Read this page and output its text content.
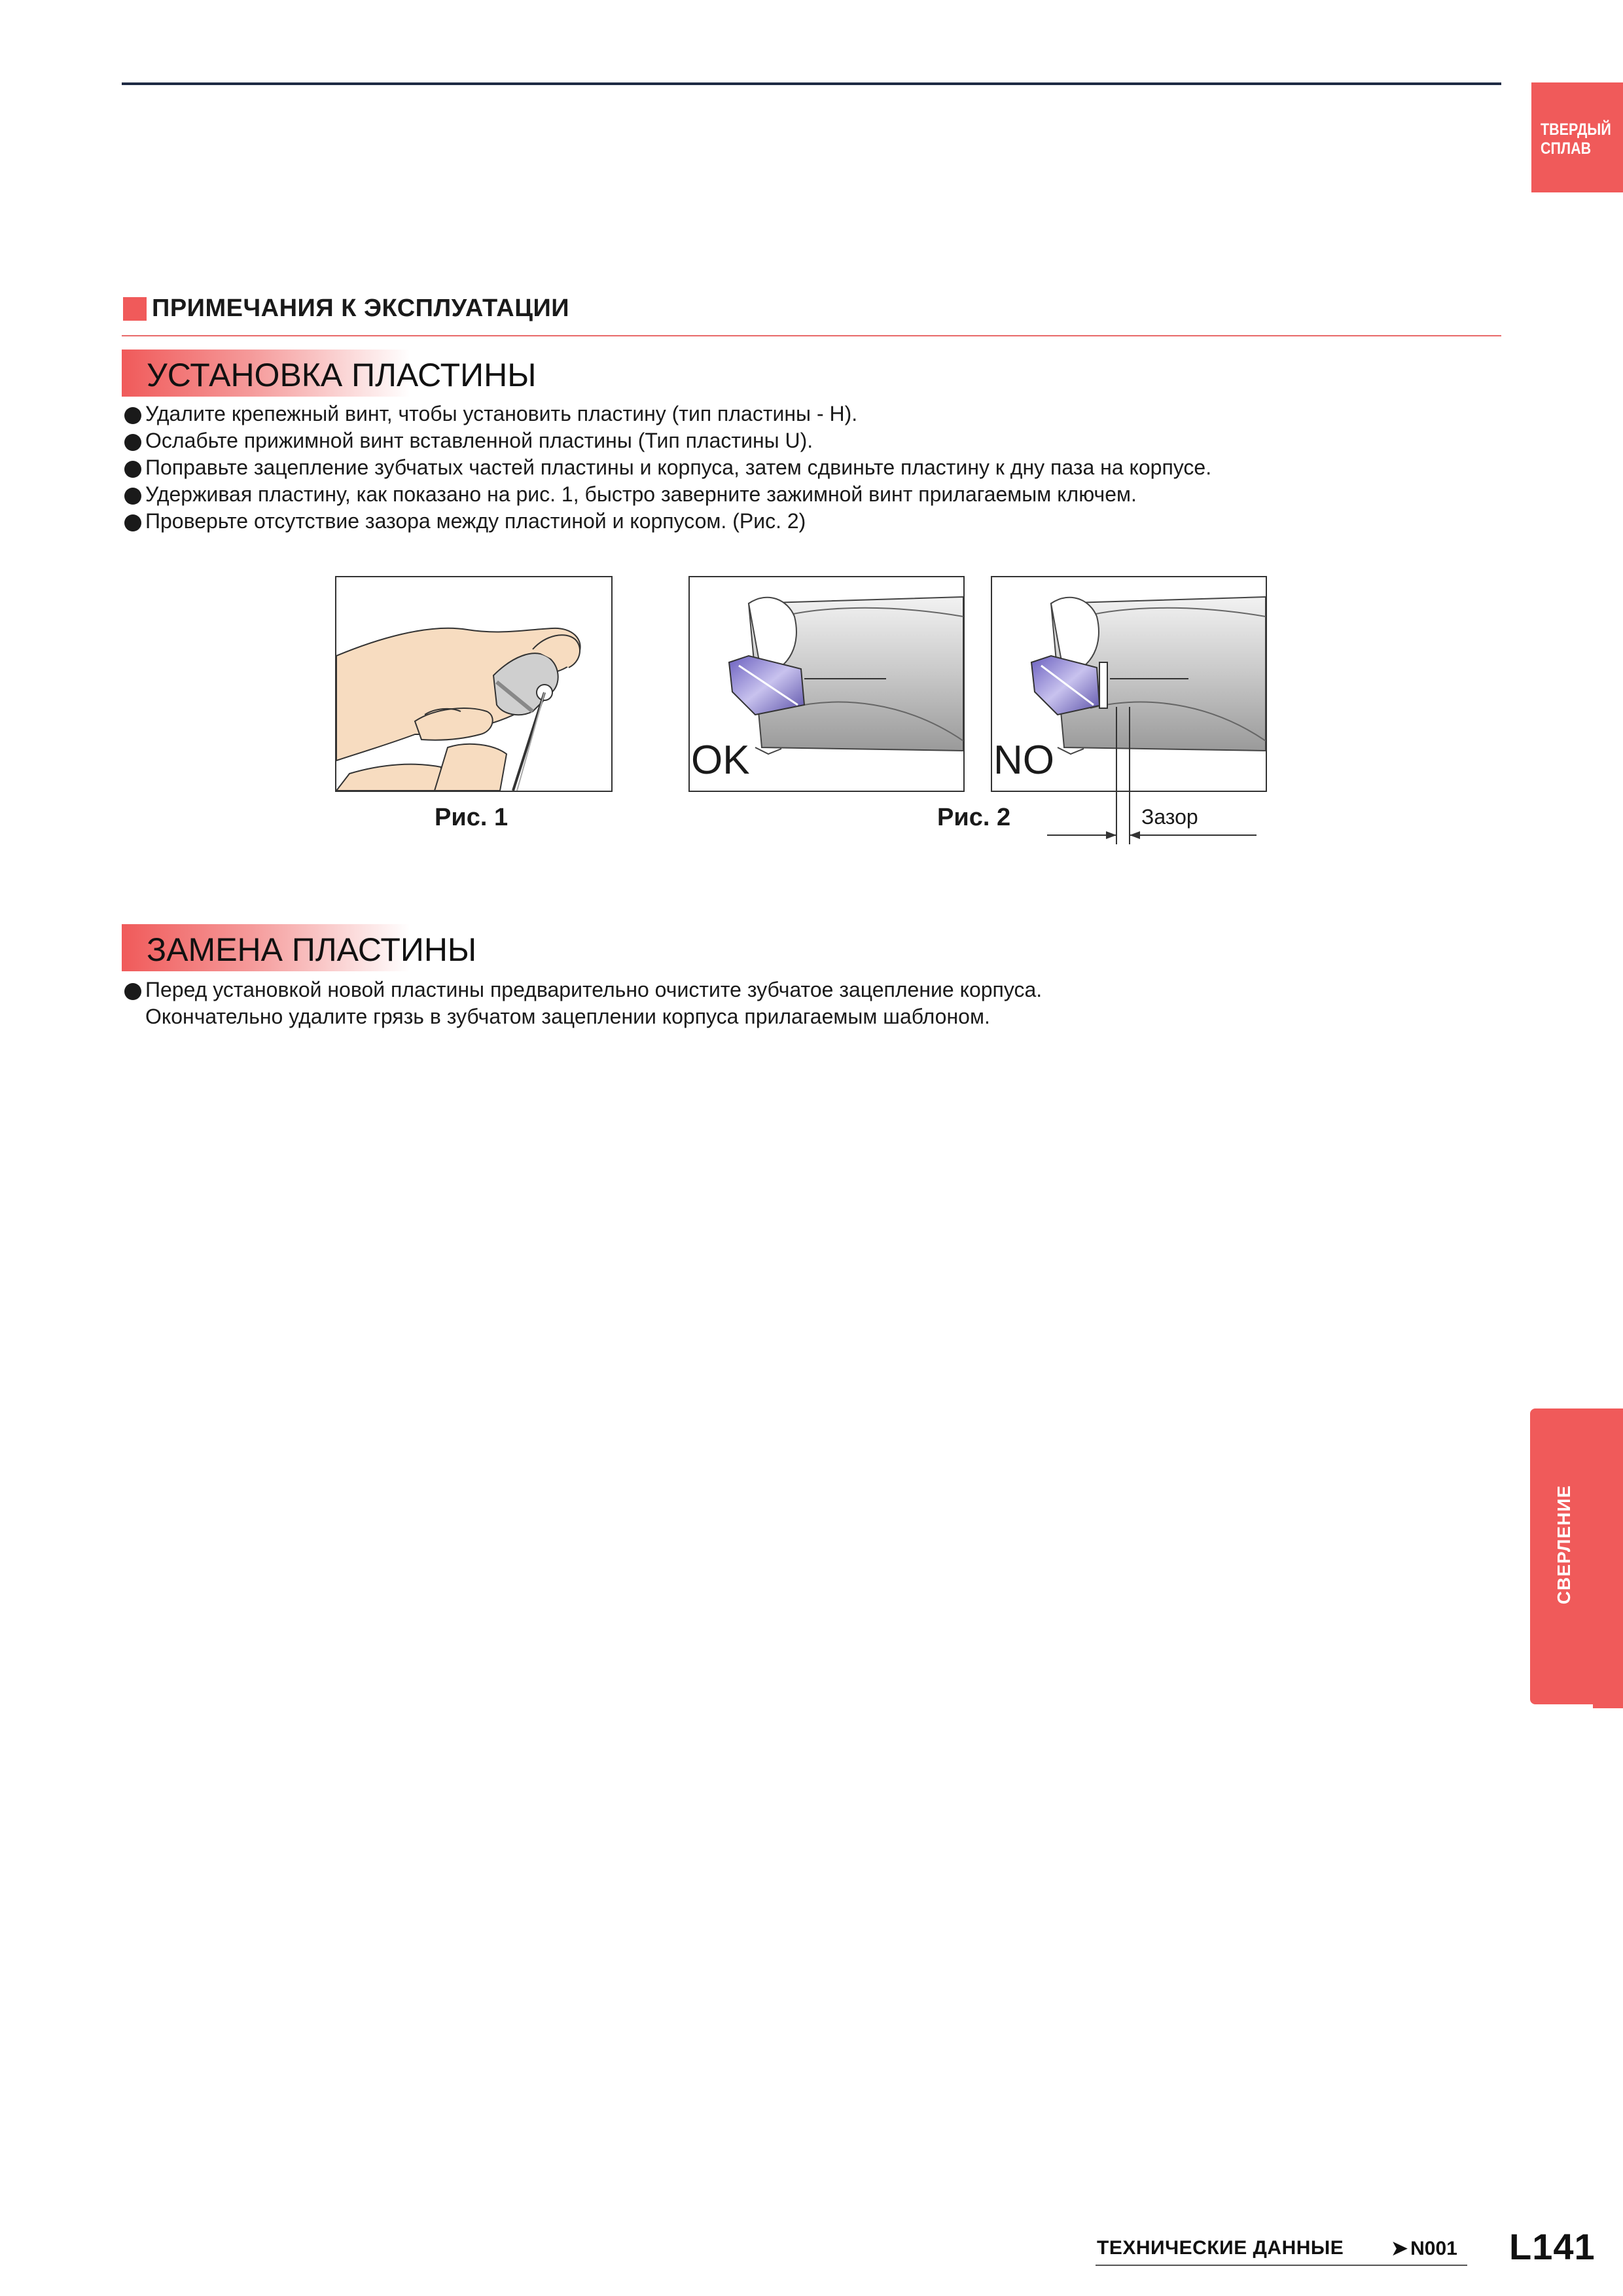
ТВЕРДЫЙ
СПЛАВ
СВЕРЛЕНИЕ
ПРИМЕЧАНИЯ К ЭКСПЛУАТАЦИИ
УСТАНОВКА ПЛАСТИНЫ
Удалите крепежный винт, чтобы установить пластину (тип пластины - H).
Ослабьте прижимной винт вставленной пластины (Тип пластины U).
Поправьте зацепление зубчатых частей пластины и корпуса, затем сдвиньте пластину к дну паза на корпусе.
Удерживая пластину, как показано на рис. 1, быстро заверните зажимной винт прилагаемым ключем.
Проверьте отсутствие зазора между пластиной и корпусом. (Рис. 2)
OK	NO
Зазор
Рис. 1	Рис. 2
ЗАМЕНА ПЛАСТИНЫ
Перед установкой новой пластины предварительно очистите зубчатое зацепление корпуса.
Окончательно удалите грязь в зубчатом зацеплении корпуса прилагаемым шаблоном.
ТЕХНИЧЕСКИЕ ДАННЫЕ ➤ N001 L141
